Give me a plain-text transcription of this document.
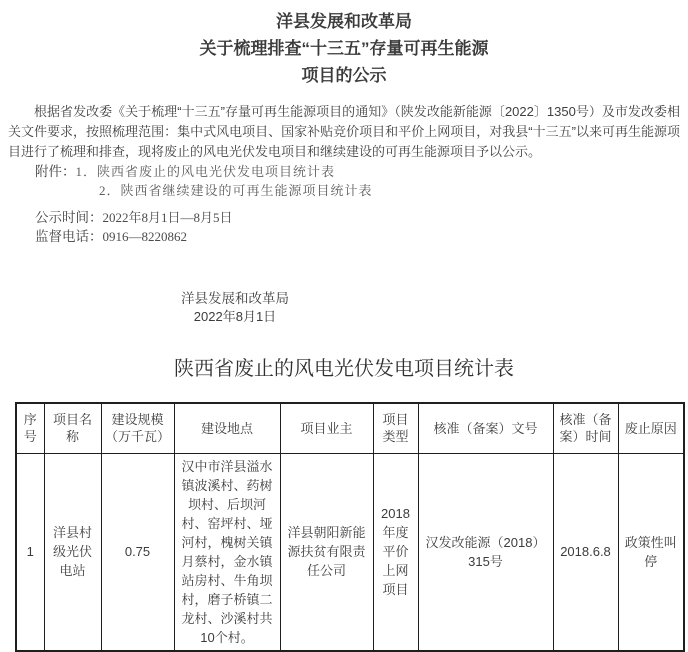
洋县发展和改革局
关于梳理排查“十三五”存量可再生能源
项目的公示

根据省发改委《关于梳理“十三五”存量可再生能源项目的通知》（陕发改能新能源〔2022〕1350号）及市发改委相关文件要求，按照梳理范围：集中式风电项目、国家补贴竞价项目和平价上网项目，对我县“十三五”以来可再生能源项目进行了梳理和排查，现将废止的风电光伏发电项目和继续建设的可再生能源项目予以公示。

附件：1．陕西省废止的风电光伏发电项目统计表
2．陕西省继续建设的可再生能源项目统计表
公示时间：2022年8月1日—8月5日
监督电话：0916—8220862
洋县发展和改革局
2022年8月1日
陕西省废止的风电光伏发电项目统计表
序号	项目名称	建设规模（万千瓦）	建设地点	项目业主	项目类型	核准（备案）文号	核准（备案）时间	废止原因
1	洋县村级光伏电站	0.75	汉中市洋县溢水镇波溪村、药树坝村、后坝河村、窑坪村、垭河村，槐树关镇月蔡村，金水镇站房村、牛角坝村，磨子桥镇二龙村、沙溪村共10个村。	洋县朝阳新能源扶贫有限责任公司	2018年度平价上网项目	汉发改能源（2018）315号	2018.6.8	政策性叫停
